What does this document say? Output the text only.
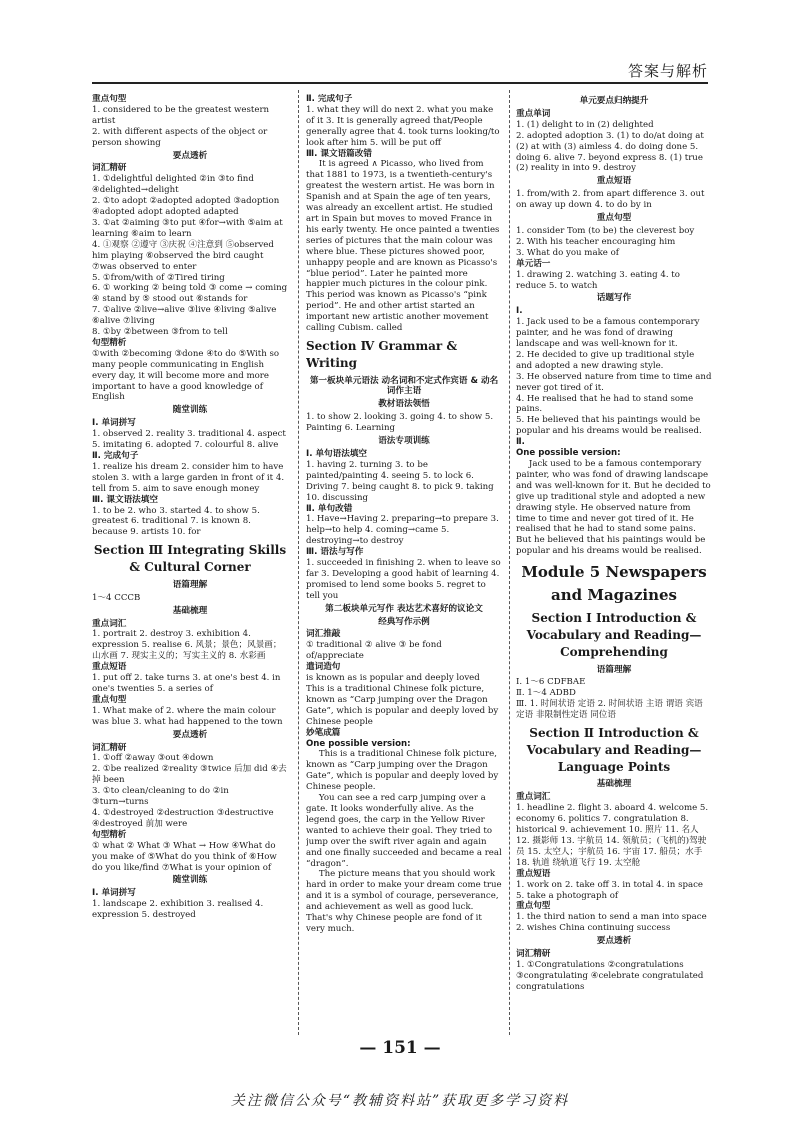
答案与解析

重点句型

1. considered to be the greatest western artist

2. with different aspects of the object or person showing

要点透析

词汇精研

1. ①delightful delighted ②in ③to find ④delighted→delight

2. ①to adopt ②adopted adopted ③adoption ④adopted adopt adopted adapted

3. ①at ②aiming ③to put ④for→with ⑤aim at learning ⑥aim to learn

4. ①观察 ②遵守 ③庆祝 ④注意到 ⑤observed him playing ⑥observed the bird caught ⑦was observed to enter

5. ①from/with of ②Tired tiring

6. ① working ② being told ③ come → coming ④ stand by ⑤ stood out ⑥stands for

7. ①alive ②live→alive ③live ④living ⑤alive ⑥alive ⑦living

8. ①by ②between ③from to tell

句型精析

①with ②becoming ③done ④to do ⑤With so many people communicating in English every day, it will become more and more important to have a good knowledge of English

随堂训练

Ⅰ. 单词拼写

1. observed 2. reality 3. traditional 4. aspect 5. imitating 6. adopted 7. colourful 8. alive

Ⅱ. 完成句子

1. realize his dream 2. consider him to have stolen 3. with a large garden in front of it 4. tell from 5. aim to save enough money

Ⅲ. 课文语法填空

1. to be 2. who 3. started 4. to show 5. greatest 6. traditional 7. is known 8. because 9. artists 10. for

Section Ⅲ Integrating Skills & Cultural Corner

语篇理解

1～4 CCCB

基础梳理

重点词汇

1. portrait 2. destroy 3. exhibition 4. expression 5. realise 6. 风景；景色；风景画；山水画 7. 现实主义的；写实主义的 8. 水彩画

重点短语

1. put off 2. take turns 3. at one's best 4. in one's twenties 5. a series of

重点句型

1. What make of 2. where the main colour was blue 3. what had happened to the town

要点透析

词汇精研

1. ①off ②away ③out ④down

2. ①be realized ②reality ③twice 后加 did ④去掉 been

3. ①to clean/cleaning to do ②in ③turn→turns

4. ①destroyed ②destruction ③destructive ④destroyed 前加 were

句型精析

① what ② What ③ What → How ④What do you make of ⑤What do you think of ⑥How do you like/find ⑦What is your opinion of

随堂训练

Ⅰ. 单词拼写

1. landscape 2. exhibition 3. realised 4. expression 5. destroyed

Ⅱ. 完成句子

1. what they will do next 2. what you make of it 3. It is generally agreed that/People generally agree that 4. took turns looking/to look after him 5. will be put off

Ⅲ. 课文语篇改错

It is agreed ∧ Picasso, who lived from that 1881 to 1973, is a twentieth-century's greatest the western artist. He was born in Spanish and at Spain the age of ten years, was already an excellent artist. He studied art in Spain but moves to moved France in his early twenty. He once painted a twenties series of pictures that the main colour was where blue. These pictures showed poor, unhappy people and are known as Picasso's “blue period”. Later he painted more happier much pictures in the colour pink. This period was known as Picasso's “pink period”. He and other artist started an important new artistic another movement calling Cubism. called

Section Ⅳ Grammar & Writing

第一板块单元语法 动名词和不定式作宾语 & 动名词作主语

教材语法领悟

1. to show 2. looking 3. going 4. to show 5. Painting 6. Learning

语法专项训练

Ⅰ. 单句语法填空

1. having 2. turning 3. to be painted/painting 4. seeing 5. to lock 6. Driving 7. being caught 8. to pick 9. taking 10. discussing

Ⅱ. 单句改错

1. Have→Having 2. preparing→to prepare 3. help→to help 4. coming→came 5. destroying→to destroy

Ⅲ. 语法与写作

1. succeeded in finishing 2. when to leave so far 3. Developing a good habit of learning 4. promised to lend some books 5. regret to tell you

第二板块单元写作 表达艺术喜好的议论文

经典写作示例

词汇推敲

① traditional ② alive ③ be fond of/appreciate

遣词造句

is known as is popular and deeply loved

This is a traditional Chinese folk picture, known as “Carp jumping over the Dragon Gate”, which is popular and deeply loved by Chinese people

妙笔成篇

One possible version:

This is a traditional Chinese folk picture, known as “Carp jumping over the Dragon Gate”, which is popular and deeply loved by Chinese people.

You can see a red carp jumping over a gate. It looks wonderfully alive. As the legend goes, the carp in the Yellow River wanted to achieve their goal. They tried to jump over the swift river again and again and one finally succeeded and became a real “dragon”.

The picture means that you should work hard in order to make your dream come true and it is a symbol of courage, perseverance, and achievement as well as good luck. That's why Chinese people are fond of it very much.

单元要点归纳提升

重点单词

1. (1) delight to in (2) delighted

2. adopted adoption 3. (1) to do/at doing at (2) at with (3) aimless 4. do doing done 5. doing 6. alive 7. beyond express 8. (1) true (2) reality in into 9. destroy

重点短语

1. from/with 2. from apart difference 3. out on away up down 4. to do by in

重点句型

1. consider Tom (to be) the cleverest boy

2. With his teacher encouraging him

3. What do you make of

单元话一

1. drawing 2. watching 3. eating 4. to reduce 5. to watch

话题写作

Ⅰ.

1. Jack used to be a famous contemporary painter, and he was fond of drawing landscape and was well-known for it.

2. He decided to give up traditional style and adopted a new drawing style.

3. He observed nature from time to time and never got tired of it.

4. He realised that he had to stand some pains.

5. He believed that his paintings would be popular and his dreams would be realised.

Ⅱ.

One possible version:

Jack used to be a famous contemporary painter, who was fond of drawing landscape and was well-known for it. But he decided to give up traditional style and adopted a new drawing style. He observed nature from time to time and never got tired of it. He realised that he had to stand some pains. But he believed that his paintings would be popular and his dreams would be realised.

Module 5 Newspapers and Magazines

Section Ⅰ Introduction & Vocabulary and Reading— Comprehending

语篇理解

Ⅰ. 1～6 CDFBAE

Ⅱ. 1～4 ADBD

Ⅲ. 1. 时间状语 定语 2. 时间状语 主语 谓语 宾语 定语 非限制性定语 同位语

Section Ⅱ Introduction & Vocabulary and Reading— Language Points

基础梳理

重点词汇

1. headline 2. flight 3. aboard 4. welcome 5. economy 6. politics 7. congratulation 8. historical 9. achievement 10. 照片 11. 名人 12. 摄影师 13. 宇航员 14. 领航员；(飞机的)驾驶员 15. 太空人；宇航员 16. 宇宙 17. 船员；水手 18. 轨道 绕轨道飞行 19. 太空舱

重点短语

1. work on 2. take off 3. in total 4. in space 5. take a photograph of

重点句型

1. the third nation to send a man into space

2. wishes China continuing success

要点透析

词汇精研

1. ①Congratulations ②congratulations ③congratulating ④celebrate congratulated congratulations

— 151 —
关注微信公众号“教辅资料站”获取更多学习资料
